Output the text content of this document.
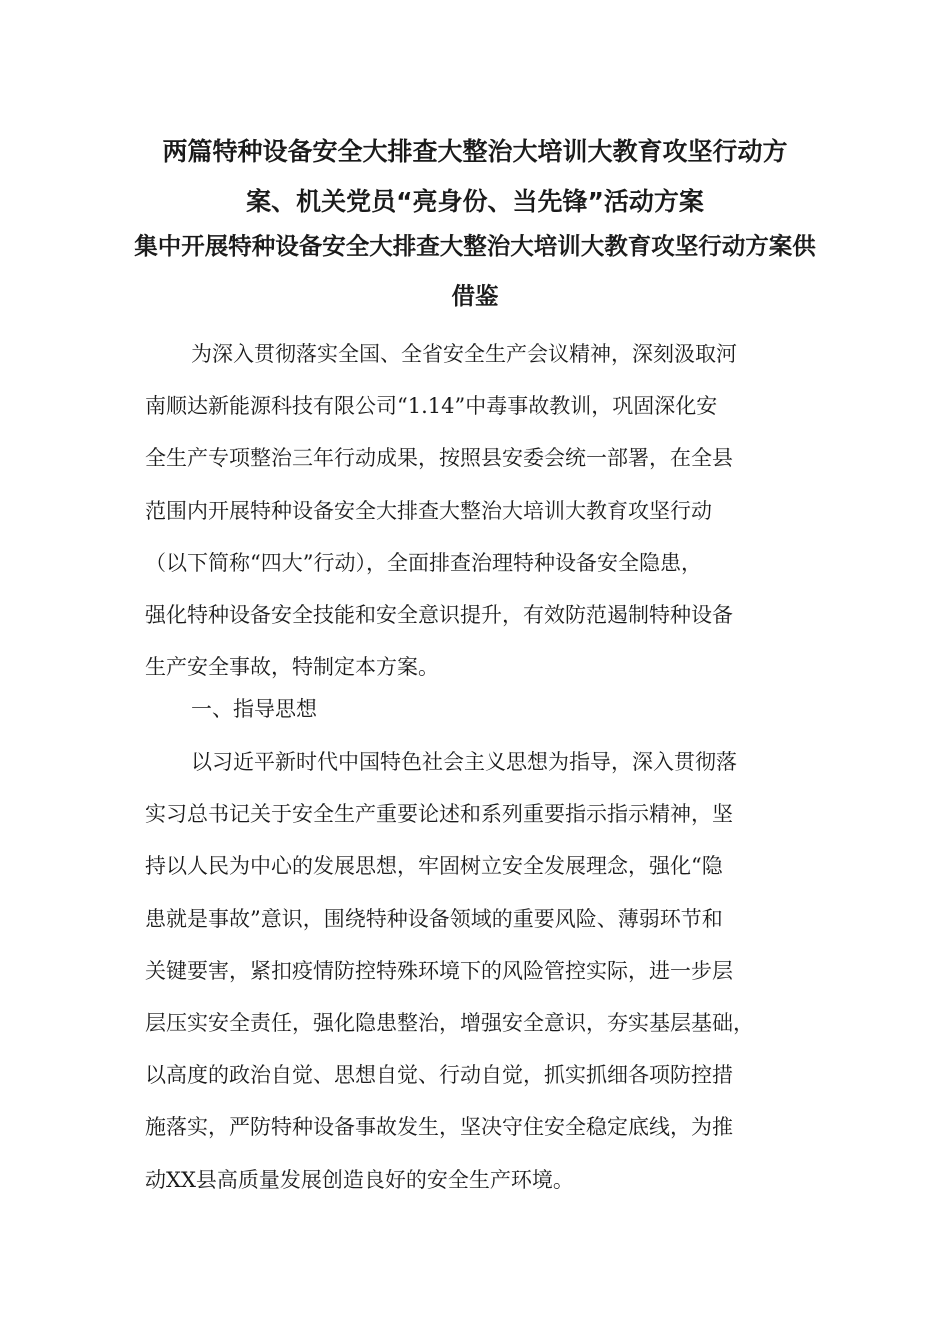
两篇特种设备安全大排查大整治大培训大教育攻坚行动方
案、机关党员“亮身份、当先锋”活动方案
集中开展特种设备安全大排查大整治大培训大教育攻坚行动方案供
借鉴
为深入贯彻落实全国、全省安全生产会议精神，深刻汲取河
南顺达新能源科技有限公司“1.14”中毒事故教训，巩固深化安
全生产专项整治三年行动成果，按照县安委会统一部署，在全县
范围内开展特种设备安全大排查大整治大培训大教育攻坚行动
（以下简称“四大”行动），全面排查治理特种设备安全隐患，
强化特种设备安全技能和安全意识提升，有效防范遏制特种设备
生产安全事故，特制定本方案。
一、指导思想
以习近平新时代中国特色社会主义思想为指导，深入贯彻落
实习总书记关于安全生产重要论述和系列重要指示指示精神，坚
持以人民为中心的发展思想，牢固树立安全发展理念，强化“隐
患就是事故”意识，围绕特种设备领域的重要风险、薄弱环节和
关键要害，紧扣疫情防控特殊环境下的风险管控实际，进一步层
层压实安全责任，强化隐患整治，增强安全意识，夯实基层基础，
以高度的政治自觉、思想自觉、行动自觉，抓实抓细各项防控措
施落实，严防特种设备事故发生，坚决守住安全稳定底线，为推
动XX县高质量发展创造良好的安全生产环境。
